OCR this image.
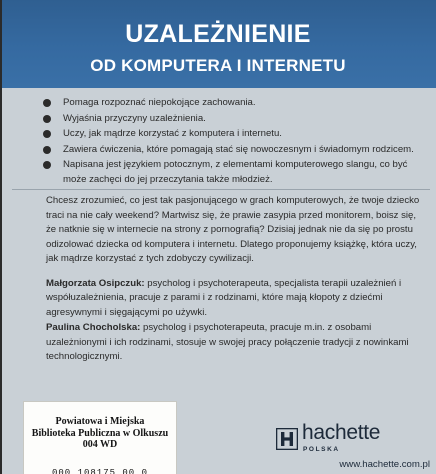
UZALEŻNIENIE
OD KOMPUTERA I INTERNETU
Pomaga rozpoznać niepokojące zachowania.
Wyjaśnia przyczyny uzależnienia.
Uczy, jak mądrze korzystać z komputera i internetu.
Zawiera ćwiczenia, które pomagają stać się nowoczesnym i świadomym rodzicem.
Napisana jest językiem potocznym, z elementami komputerowego slangu, co być może zachęci do jej przeczytania także młodzież.

Chcesz zrozumieć, co jest tak pasjonującego w grach komputerowych, że twoje dziecko traci na nie cały weekend? Martwisz się, że prawie zasypia przed monitorem, boisz się, że natknie się w internecie na strony z pornografią? Dzisiaj jednak nie da się po prostu odizolować dziecka od komputera i internetu. Dlatego proponujemy książkę, która uczy, jak mądrze korzystać z tych zdobyczy cywilizacji.

Małgorzata Osipczuk: psycholog i psychoterapeuta, specjalista terapii uzależnień i współuzależnienia, pracuje z parami i z rodzinami, które mają kłopoty z dziećmi agresywnymi i sięgającymi po używki.

Paulina Chocholska: psycholog i psychoterapeuta, pracuje m.in. z osobami uzależnionymi i ich rodzinami, stosuje w swojej pracy połączenie tradycji z nowinkami technologicznymi.

Powiatowa i Miejska
Biblioteka Publiczna w Olkuszu
004 WD
000 108175 00 0
hachette
POLSKA
www.hachette.com.pl
